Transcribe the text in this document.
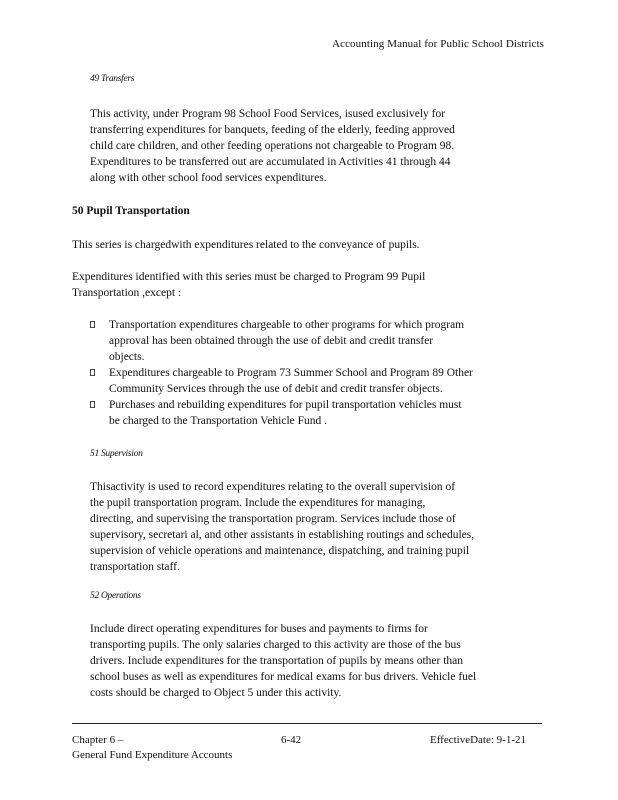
Accounting Manual for Public School Districts
49 Transfers

This activity, under Program 98 School Food Services, isused exclusively for

transferring expenditures for banquets, feeding of the elderly, feeding approved

child care children, and other feeding operations not chargeable to Program 98.

Expenditures to be transferred out are accumulated in Activities 41 through 44

along with other school food services expenditures.

50 Pupil Transportation
This series is chargedwith expenditures related to the conveyance of pupils.

Expenditures identified with this series must be charged to Program 99 Pupil

Transportation ,except :

Transportation expenditures chargeable to other programs for which program
approval has been obtained through the use of debit and credit transfer
objects.
Expenditures chargeable to Program 73 Summer School and Program 89 Other
Community Services through the use of debit and credit transfer objects.
Purchases and rebuilding expenditures for pupil transportation vehicles must
be charged to the Transportation Vehicle Fund .
51 Supervision

Thisactivity is used to record expenditures relating to the overall supervision of

the pupil transportation program. Include the expenditures for managing,

directing, and supervising the transportation program. Services include those of

supervisory, secretari al, and other assistants in establishing routings and schedules,

supervision of vehicle operations and maintenance, dispatching, and training pupil

transportation staff.

52 Operations

Include direct operating expenditures for buses and payments to firms for

transporting pupils. The only salaries charged to this activity are those of the bus

drivers. Include expenditures for the transportation of pupils by means other than

school buses as well as expenditures for medical exams for bus drivers. Vehicle fuel

costs should be charged to Object 5 under this activity.

Chapter 6 –
General Fund Expenditure Accounts
6-42	EffectiveDate: 9-1-21
